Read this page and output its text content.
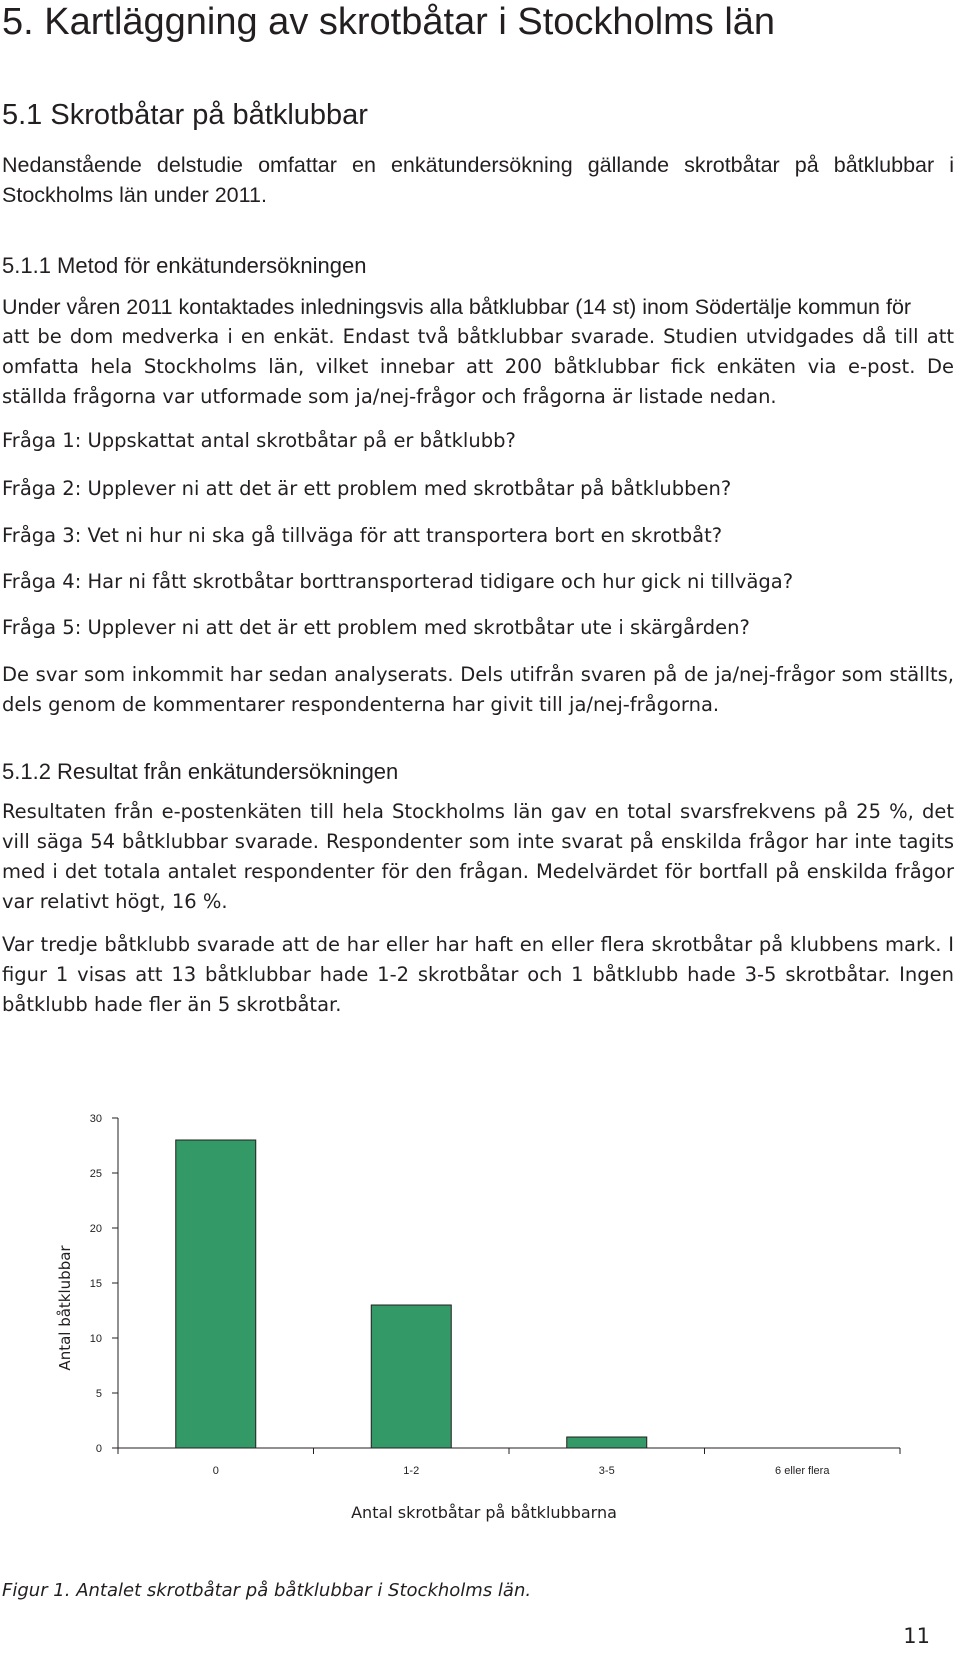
5. Kartläggning av skrotbåtar i Stockholms län
5.1 Skrotbåtar på båtklubbar

Nedanstående delstudie omfattar en enkätundersökning gällande skrotbåtar på båtklubbar i Stockholms län under 2011.

5.1.1 Metod för enkätundersökningen

Under våren 2011 kontaktades inledningsvis alla båtklubbar (14 st) inom Södertälje kommun för

att be dom medverka i en enkät. Endast två båtklubbar svarade. Studien utvidgades då till att omfatta hela Stockholms län, vilket innebar att 200 båtklubbar fick enkäten via e-post. De ställda frågorna var utformade som ja/nej-frågor och frågorna är listade nedan.

Fråga 1: Uppskattat antal skrotbåtar på er båtklubb?

Fråga 2: Upplever ni att det är ett problem med skrotbåtar på båtklubben?

Fråga 3: Vet ni hur ni ska gå tillväga för att transportera bort en skrotbåt?

Fråga 4: Har ni fått skrotbåtar borttransporterad tidigare och hur gick ni tillväga?

Fråga 5: Upplever ni att det är ett problem med skrotbåtar ute i skärgården?

De svar som inkommit har sedan analyserats. Dels utifrån svaren på de ja/nej-frågor som ställts, dels genom de kommentarer respondenterna har givit till ja/nej-frågorna.

5.1.2 Resultat från enkätundersökningen

Resultaten från e-postenkäten till hela Stockholms län gav en total svarsfrekvens på 25 %, det vill säga 54 båtklubbar svarade. Respondenter som inte svarat på enskilda frågor har inte tagits med i det totala antalet respondenter för den frågan. Medelvärdet för bortfall på enskilda frågor var relativt högt, 16 %.

Var tredje båtklubb svarade att de har eller har haft en eller flera skrotbåtar på klubbens mark. I figur 1 visas att 13 båtklubbar hade 1-2 skrotbåtar och 1 båtklubb hade 3-5 skrotbåtar. Ingen båtklubb hade fler än 5 skrotbåtar.

0
5
10
15
20
25
30
0	1-2	3-5	6 eller flera
Antal båtklubbar
Antal skrotbåtar på båtklubbarna

Figur 1. Antalet skrotbåtar på båtklubbar i Stockholms län.

11
